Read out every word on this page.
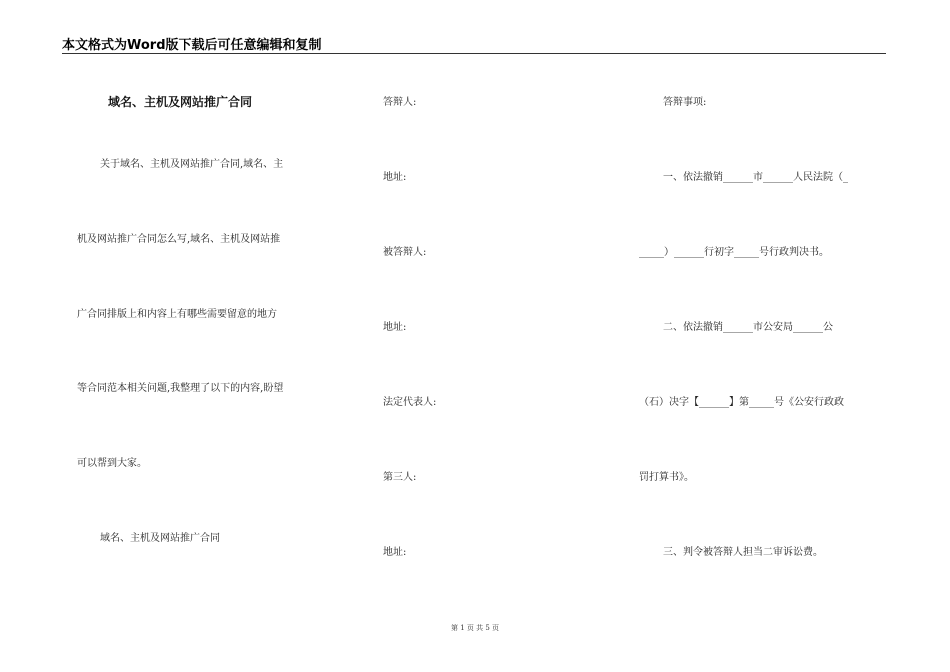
本文格式为Word版下载后可任意编辑和复制
域名、主机及网站推广合同
关于域名、主机及网站推广合同,域名、主
机及网站推广合同怎么写,域名、主机及网站推
广合同排版上和内容上有哪些需要留意的地方
等合同范本相关问题,我整理了以下的内容,盼望
可以帮到大家。
域名、主机及网站推广合同
答辩人:
地址:
被答辩人:
地址:
法定代表人:
第三人:
地址:
答辩事项:
一、依法撤销______市______人民法院（_
_____）______行初字_____号行政判决书。
二、依法撤销______市公安局______公
（石）决字【______】第_____号《公安行政政
罚打算书》。
三、判令被答辩人担当二审诉讼费。
第 1 页 共 5 页
